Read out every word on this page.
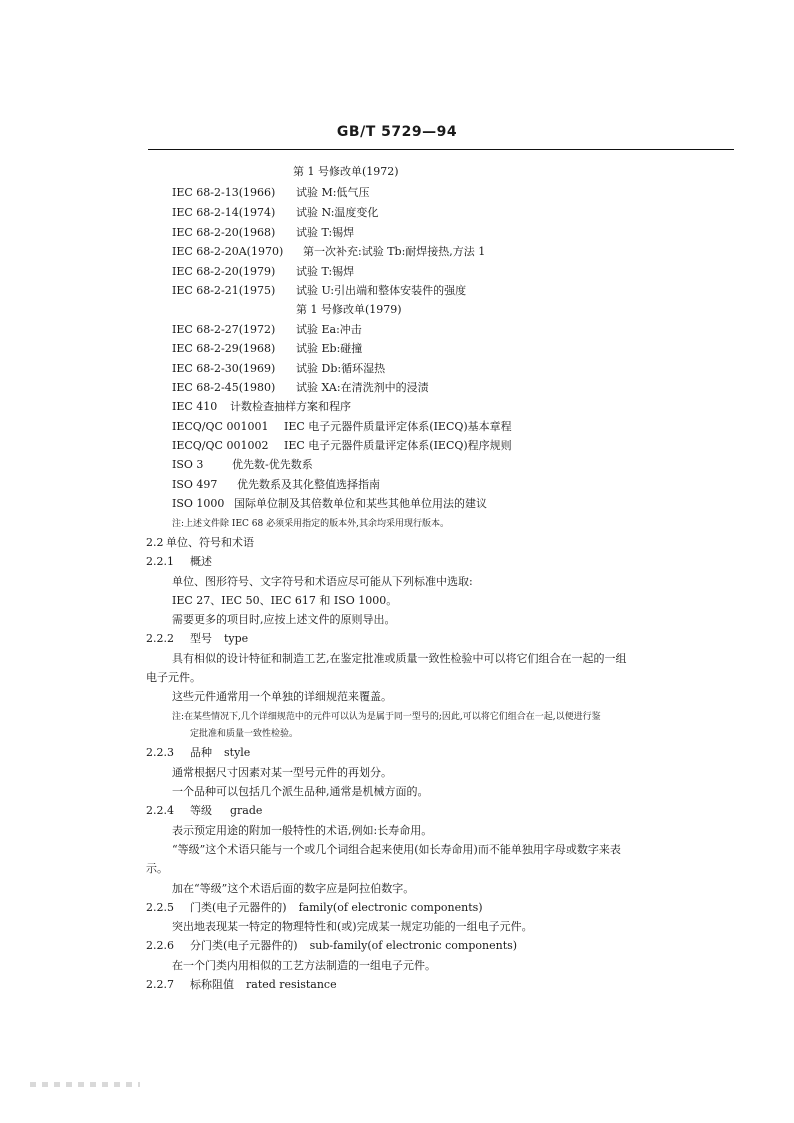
GB/T 5729—94
第 1 号修改单(1972)
IEC 68-2-13(1966) 试验 M:低气压
IEC 68-2-14(1974) 试验 N:温度变化
IEC 68-2-20(1968) 试验 T:锡焊
IEC 68-2-20A(1970) 第一次补充:试验 Tb:耐焊接热,方法 1
IEC 68-2-20(1979) 试验 T:锡焊
IEC 68-2-21(1975) 试验 U:引出端和整体安装件的强度
第 1 号修改单(1979)
IEC 68-2-27(1972) 试验 Ea:冲击
IEC 68-2-29(1968) 试验 Eb:碰撞
IEC 68-2-30(1969) 试验 Db:循环湿热
IEC 68-2-45(1980) 试验 XA:在清洗剂中的浸渍
IEC 410 计数检查抽样方案和程序
IECQ/QC 001001 IEC 电子元器件质量评定体系(IECQ)基本章程
IECQ/QC 001002 IEC 电子元器件质量评定体系(IECQ)程序规则
ISO 3	优先数-优先数系
ISO 497 优先数系及其化整值选择指南
ISO 1000 国际单位制及其倍数单位和某些其他单位用法的建议
注:上述文件除 IEC 68 必须采用指定的版本外,其余均采用现行版本。
2.2 单位、符号和术语
2.2.1 概述
单位、图形符号、文字符号和术语应尽可能从下列标准中选取:
IEC 27、IEC 50、IEC 617 和 ISO 1000。
需要更多的项目时,应按上述文件的原则导出。
2.2.2 型号 type
具有相似的设计特征和制造工艺,在鉴定批准或质量一致性检验中可以将它们组合在一起的一组
电子元件。
这些元件通常用一个单独的详细规范来覆盖。
注:在某些情况下,几个详细规范中的元件可以认为是属于同一型号的;因此,可以将它们组合在一起,以便进行鉴
定批准和质量一致性检验。
2.2.3 品种 style
通常根据尺寸因素对某一型号元件的再划分。
一个品种可以包括几个派生品种,通常是机械方面的。
2.2.4 等级 grade
表示预定用途的附加一般特性的术语,例如:长寿命用。
“等级”这个术语只能与一个或几个词组合起来使用(如长寿命用)而不能单独用字母或数字来表
示。
加在“等级”这个术语后面的数字应是阿拉伯数字。
2.2.5 门类(电子元器件的) family(of electronic components)
突出地表现某一特定的物理特性和(或)完成某一规定功能的一组电子元件。
2.2.6 分门类(电子元器件的) sub-family(of electronic components)
在一个门类内用相似的工艺方法制造的一组电子元件。
2.2.7 标称阻值 rated resistance
